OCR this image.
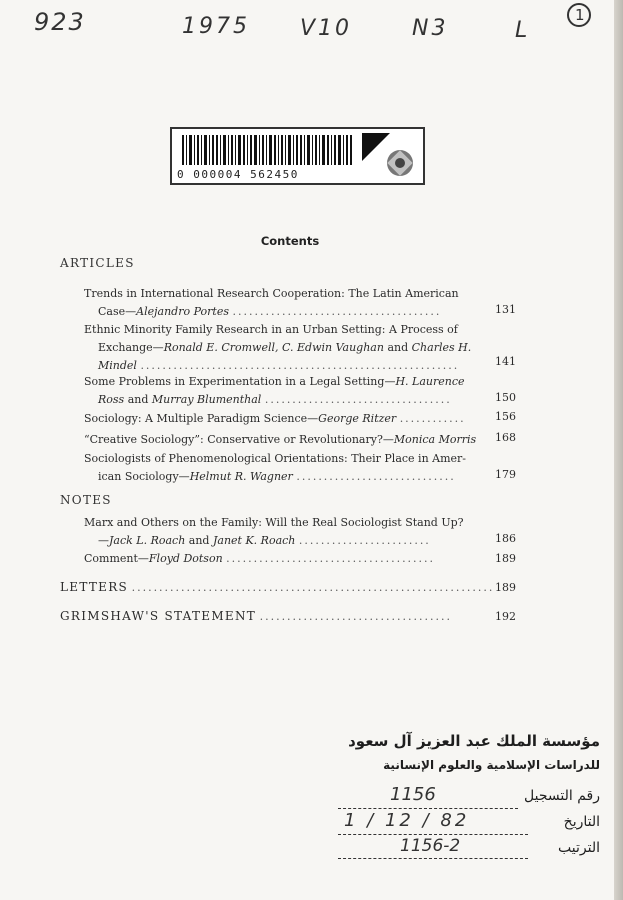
923	1975 V10	N3	L
1
0 000004 562450
Contents
ARTICLES
Trends in International Research Cooperation: The Latin American
Case—Alejandro Portes ......................................	131
Ethnic Minority Family Research in an Urban Setting: A Process of
Exchange—Ronald E. Cromwell, C. Edwin Vaughan and Charles H.
Mindel ..........................................................	141
Some Problems in Experimentation in a Legal Setting—H. Laurence
Ross and Murray Blumenthal ..................................	150
Sociology: A Multiple Paradigm Science—George Ritzer ............	156
“Creative Sociology”: Conservative or Revolutionary?—Monica Morris	168
Sociologists of Phenomenological Orientations: Their Place in Amer-
ican Sociology—Helmut R. Wagner .............................	179
NOTES
Marx and Others on the Family: Will the Real Sociologist Stand Up?
—Jack L. Roach and Janet K. Roach ........................	186
Comment—Floyd Dotson ......................................	189
LETTERS .................................................................. 189
GRIMSHAW'S STATEMENT ...................................	192
مؤسسة الملك عبد العزيز آل سعود
للدراسات الإسلامية والعلوم الإنسانية
رقم التسجيل
1156
التاريخ
1 / 12 / 82
الترتيب
1156-2
